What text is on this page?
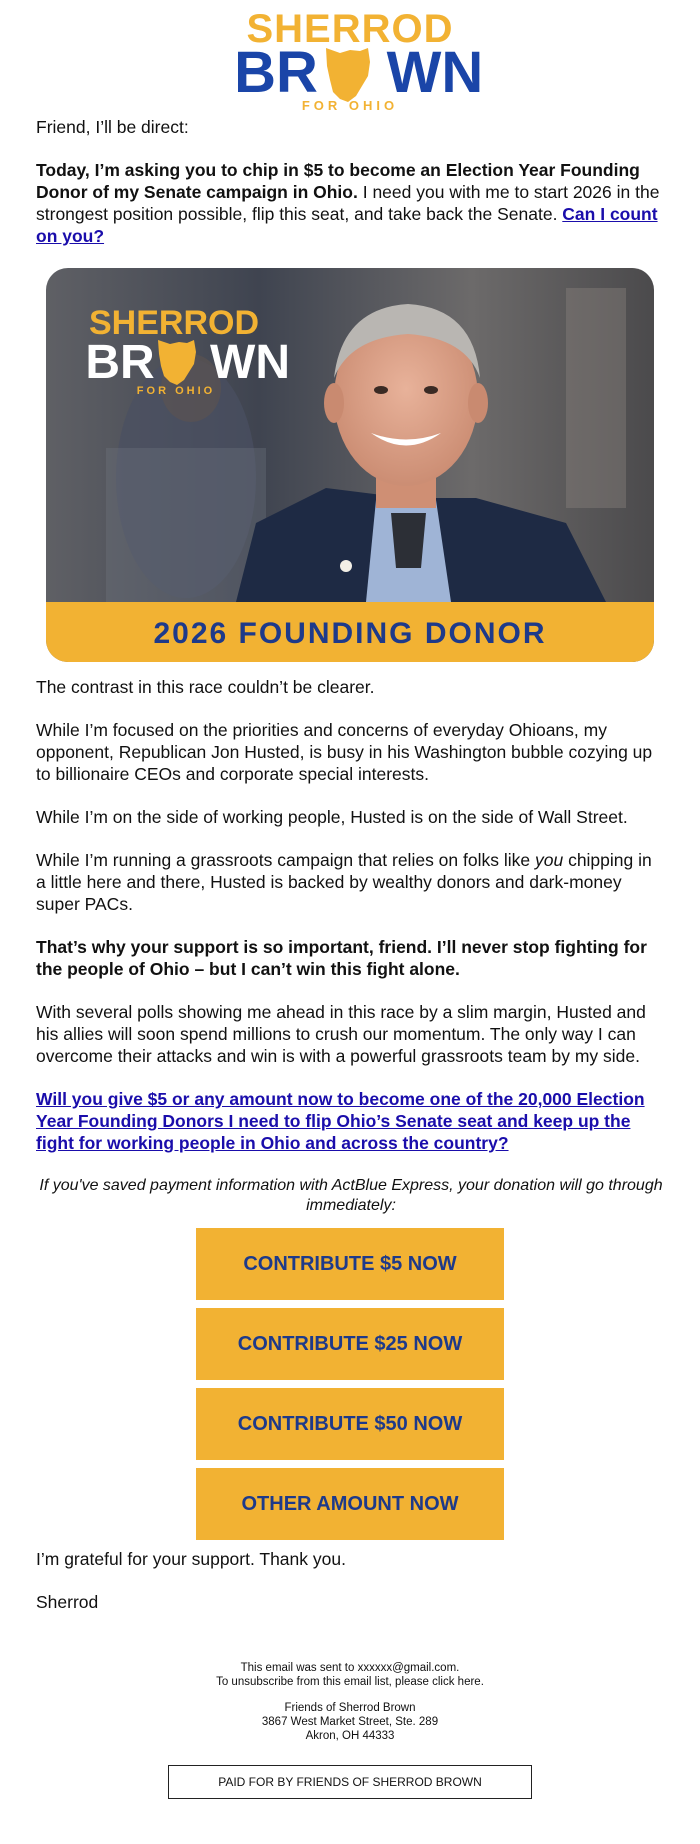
SHERROD
BR WN
FOR OHIO

Friend, I’ll be direct:

Today, I’m asking you to chip in $5 to become an Election Year Founding Donor of my Senate campaign in Ohio. I need you with me to start 2026 in the strongest position possible, flip this seat, and take back the Senate. Can I count on you?

SHERROD
BR WN
FOR OHIO
2026 FOUNDING DONOR

The contrast in this race couldn’t be clearer.

While I’m focused on the priorities and concerns of everyday Ohioans, my opponent, Republican Jon Husted, is busy in his Washington bubble cozying up to billionaire CEOs and corporate special interests.

While I’m on the side of working people, Husted is on the side of Wall Street.

While I’m running a grassroots campaign that relies on folks like you chipping in a little here and there, Husted is backed by wealthy donors and dark-money super PACs.

That’s why your support is so important, friend. I’ll never stop fighting for the people of Ohio – but I can’t win this fight alone.

With several polls showing me ahead in this race by a slim margin, Husted and his allies will soon spend millions to crush our momentum. The only way I can overcome their attacks and win is with a powerful grassroots team by my side.

Will you give $5 or any amount now to become one of the 20,000 Election Year Founding Donors I need to flip Ohio’s Senate seat and keep up the fight for working people in Ohio and across the country?

If you've saved payment information with ActBlue Express, your donation will go through immediately:

CONTRIBUTE $5 NOW
CONTRIBUTE $25 NOW
CONTRIBUTE $50 NOW
OTHER AMOUNT NOW

I’m grateful for your support. Thank you.

Sherrod

This email was sent to xxxxxx@gmail.com.
To unsubscribe from this email list, please click here.
Friends of Sherrod Brown
3867 West Market Street, Ste. 289
Akron, OH 44333
PAID FOR BY FRIENDS OF SHERROD BROWN
